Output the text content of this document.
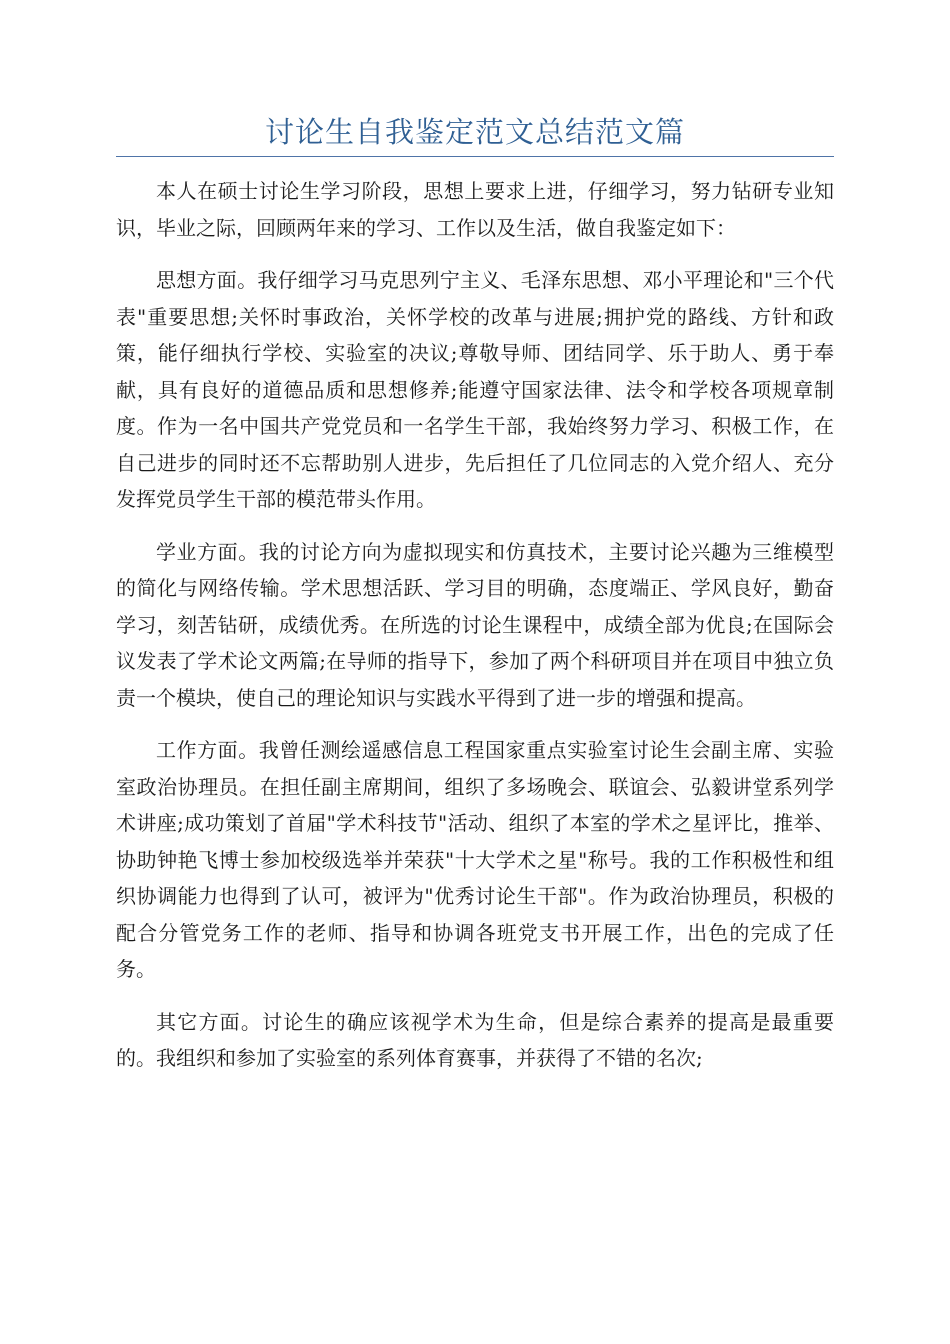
讨论生自我鉴定范文总结范文篇

本人在硕士讨论生学习阶段，思想上要求上进，仔细学习，努力钻研专业知识，毕业之际，回顾两年来的学习、工作以及生活，做自我鉴定如下：

思想方面。我仔细学习马克思列宁主义、毛泽东思想、邓小平理论和"三个代表"重要思想;关怀时事政治，关怀学校的改革与进展;拥护党的路线、方针和政策，能仔细执行学校、实验室的决议;尊敬导师、团结同学、乐于助人、勇于奉献，具有良好的道德品质和思想修养;能遵守国家法律、法令和学校各项规章制度。作为一名中国共产党党员和一名学生干部，我始终努力学习、积极工作，在自己进步的同时还不忘帮助别人进步，先后担任了几位同志的入党介绍人、充分发挥党员学生干部的模范带头作用。

学业方面。我的讨论方向为虚拟现实和仿真技术，主要讨论兴趣为三维模型的简化与网络传输。学术思想活跃、学习目的明确，态度端正、学风良好，勤奋学习，刻苦钻研，成绩优秀。在所选的讨论生课程中，成绩全部为优良;在国际会议发表了学术论文两篇;在导师的指导下，参加了两个科研项目并在项目中独立负责一个模块，使自己的理论知识与实践水平得到了进一步的增强和提高。

工作方面。我曾任测绘遥感信息工程国家重点实验室讨论生会副主席、实验室政治协理员。在担任副主席期间，组织了多场晚会、联谊会、弘毅讲堂系列学术讲座;成功策划了首届"学术科技节"活动、组织了本室的学术之星评比，推举、协助钟艳飞博士参加校级选举并荣获"十大学术之星"称号。我的工作积极性和组织协调能力也得到了认可，被评为"优秀讨论生干部"。作为政治协理员，积极的配合分管党务工作的老师、指导和协调各班党支书开展工作，出色的完成了任务。

其它方面。讨论生的确应该视学术为生命，但是综合素养的提高是最重要的。我组织和参加了实验室的系列体育赛事，并获得了不错的名次;
